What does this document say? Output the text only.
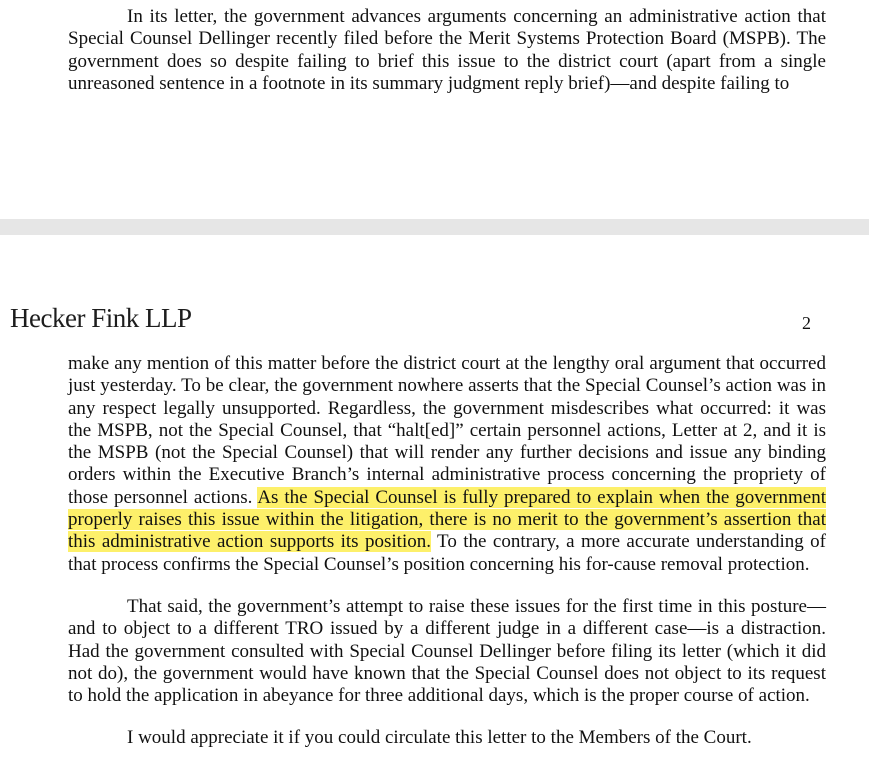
In its letter, the government advances arguments concerning an administrative action that Special Counsel Dellinger recently filed before the Merit Systems Protection Board (MSPB). The government does so despite failing to brief this issue to the district court (apart from a single unreasoned sentence in a footnote in its summary judgment reply brief)—and despite failing to

Hecker Fink LLP	2

make any mention of this matter before the district court at the lengthy oral argument that occurred just yesterday. To be clear, the government nowhere asserts that the Special Counsel’s action was in any respect legally unsupported. Regardless, the government misdescribes what occurred: it was the MSPB, not the Special Counsel, that “halt[ed]” certain personnel actions, Letter at 2, and it is the MSPB (not the Special Counsel) that will render any further decisions and issue any binding orders within the Executive Branch’s internal administrative process concerning the propriety of those personnel actions. As the Special Counsel is fully prepared to explain when the government properly raises this issue within the litigation, there is no merit to the government’s assertion that this administrative action supports its position. To the contrary, a more accurate understanding of that process confirms the Special Counsel’s position concerning his for-cause removal protection.

That said, the government’s attempt to raise these issues for the first time in this posture—and to object to a different TRO issued by a different judge in a different case—is a distraction. Had the government consulted with Special Counsel Dellinger before filing its letter (which it did not do), the government would have known that the Special Counsel does not object to its request to hold the application in abeyance for three additional days, which is the proper course of action.

I would appreciate it if you could circulate this letter to the Members of the Court.
